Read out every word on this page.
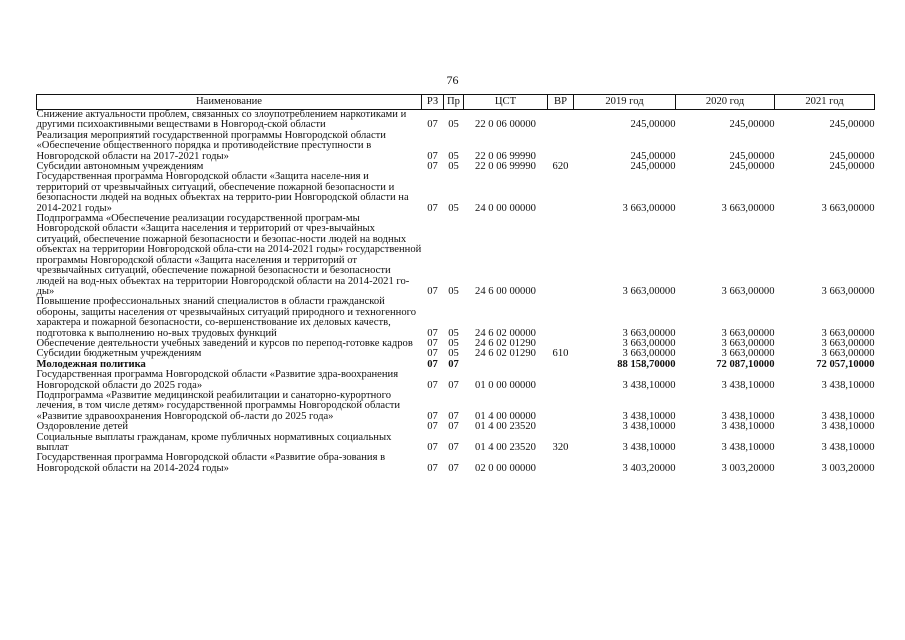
76
Наименование	РЗ	Пр	ЦСТ	ВР	2019 год	2020 год	2021 год
Снижение актуальности проблем, связанных со злоупотреблением наркотиками и другими психоактивными веществами в Новгород-ской области	07	05	22 0 06 00000		245,00000	245,00000	245,00000
Реализация мероприятий государственной программы Новгородской области «Обеспечение общественного порядка и противодействие преступности в Новгородской области на 2017-2021 годы»	07	05	22 0 06 99990		245,00000	245,00000	245,00000
Субсидии автономным учреждениям	07	05	22 0 06 99990	620	245,00000	245,00000	245,00000
Государственная программа Новгородской области «Защита населе-ния и территорий от чрезвычайных ситуаций, обеспечение пожарной безопасности и безопасности людей на водных объектах на террито-рии Новгородской области на 2014-2021 годы»	07	05	24 0 00 00000		3 663,00000	3 663,00000	3 663,00000
Подпрограмма «Обеспечение реализации государственной програм-мы Новгородской области «Защита населения и территорий от чрез-вычайных ситуаций, обеспечение пожарной безопасности и безопас-ности людей на водных объектах на территории Новгородской обла-сти на 2014-2021 годы» государственной программы Новгородской области «Защита населения и территорий от чрезвычайных ситуаций, обеспечение пожарной безопасности и безопасности людей на вод-ных объектах на территории Новгородской области на 2014-2021 го-ды»	07	05	24 6 00 00000		3 663,00000	3 663,00000	3 663,00000
Повышение профессиональных знаний специалистов в области гражданской обороны, защиты населения от чрезвычайных ситуаций природного и техногенного характера и пожарной безопасности, со-вершенствование их деловых качеств, подготовка к выполнению но-вых трудовых функций	07	05	24 6 02 00000		3 663,00000	3 663,00000	3 663,00000
Обеспечение деятельности учебных заведений и курсов по перепод-готовке кадров	07	05	24 6 02 01290		3 663,00000	3 663,00000	3 663,00000
Субсидии бюджетным учреждениям	07	05	24 6 02 01290	610	3 663,00000	3 663,00000	3 663,00000
Молодежная политика	07	07			88 158,70000	72 087,10000	72 057,10000
Государственная программа Новгородской области «Развитие здра-воохранения Новгородской области до 2025 года»	07	07	01 0 00 00000		3 438,10000	3 438,10000	3 438,10000
Подпрограмма «Развитие медицинской реабилитации и санаторно-курортного лечения, в том числе детям» государственной программы Новгородской области «Развитие здравоохранения Новгородской об-ласти до 2025 года»	07	07	01 4 00 00000		3 438,10000	3 438,10000	3 438,10000
Оздоровление детей	07	07	01 4 00 23520		3 438,10000	3 438,10000	3 438,10000
Социальные выплаты гражданам, кроме публичных нормативных социальных выплат	07	07	01 4 00 23520	320	3 438,10000	3 438,10000	3 438,10000
Государственная программа Новгородской области «Развитие обра-зования в Новгородской области на 2014-2024 годы»	07	07	02 0 00 00000		3 403,20000	3 003,20000	3 003,20000
